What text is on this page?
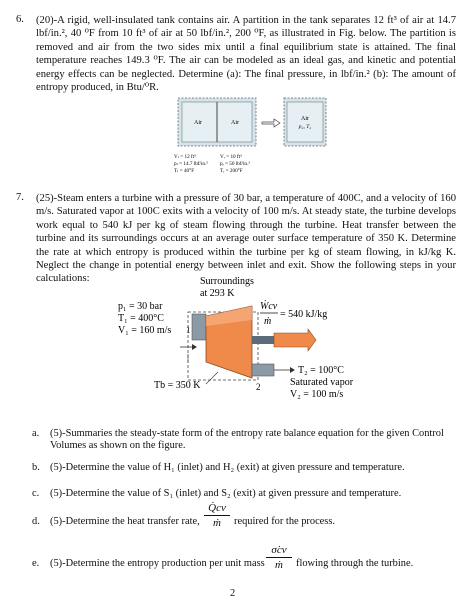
6. (20)-A rigid, well-insulated tank contains air. A partition in the tank separates 12 ft³ of air at 14.7 lbf/in.², 40 ⁰F from 10 ft³ of air at 50 lbf/in.², 200 ⁰F, as illustrated in Fig. below. The partition is removed and air from the two sides mix until a final equilibrium state is attained. The final temperature reaches 149.3 ⁰F. The air can be modeled as an ideal gas, and kinetic and potential energy effects can be neglected. Determine (a): The final pressure, in lbf/in.² (b): The amount of entropy produced, in Btu/⁰R.
Air	Air
Air
p₂, T₂
Vₗ = 12 ft³
pₗ = 14.7 lbf/in.²
Tₗ = 40°F
Vᵣ = 10 ft³
pᵣ = 50 lbf/in.²
Tᵣ = 200°F
7. (25)-Steam enters a turbine with a pressure of 30 bar, a temperature of 400C, and a velocity of 160 m/s. Saturated vapor at 100C exits with a velocity of 100 m/s. At steady state, the turbine develops work equal to 540 kJ per kg of steam flowing through the turbine. Heat transfer between the turbine and its surroundings occurs at an average outer surface temperature of 350 K. Determine the rate at which entropy is produced within the turbine per kg of steam flowing, in kJ/kg K. Neglect the change in potential energy between inlet and exit. Show the following steps in your calculations:	Surroundings
at 293 K
p₁ = 30 bar
T₁ = 400°C
V₁ = 160 m/s 1
Ẇcv
ṁ
= 540 kJ/kg
T₂ = 100°C
Saturated vapor
V₂ = 100 m/s
2
Tb = 350 K
a. (5)-Summaries the steady-state form of the entropy rate balance equation for the given Control Volumes as shown on the figure.
b. (5)-Determine the value of H₁ (inlet) and H₂ (exit) at given pressure and temperature.
c. (5)-Determine the value of S₁ (inlet) and S₂ (exit) at given pressure and temperature.
d. (5)-Determine the heat transfer rate,
Q̇cv
ṁ	required for the process.
e. (5)-Determine the entropy production per unit mass
σ̇cv
ṁ	flowing through the turbine.
2
